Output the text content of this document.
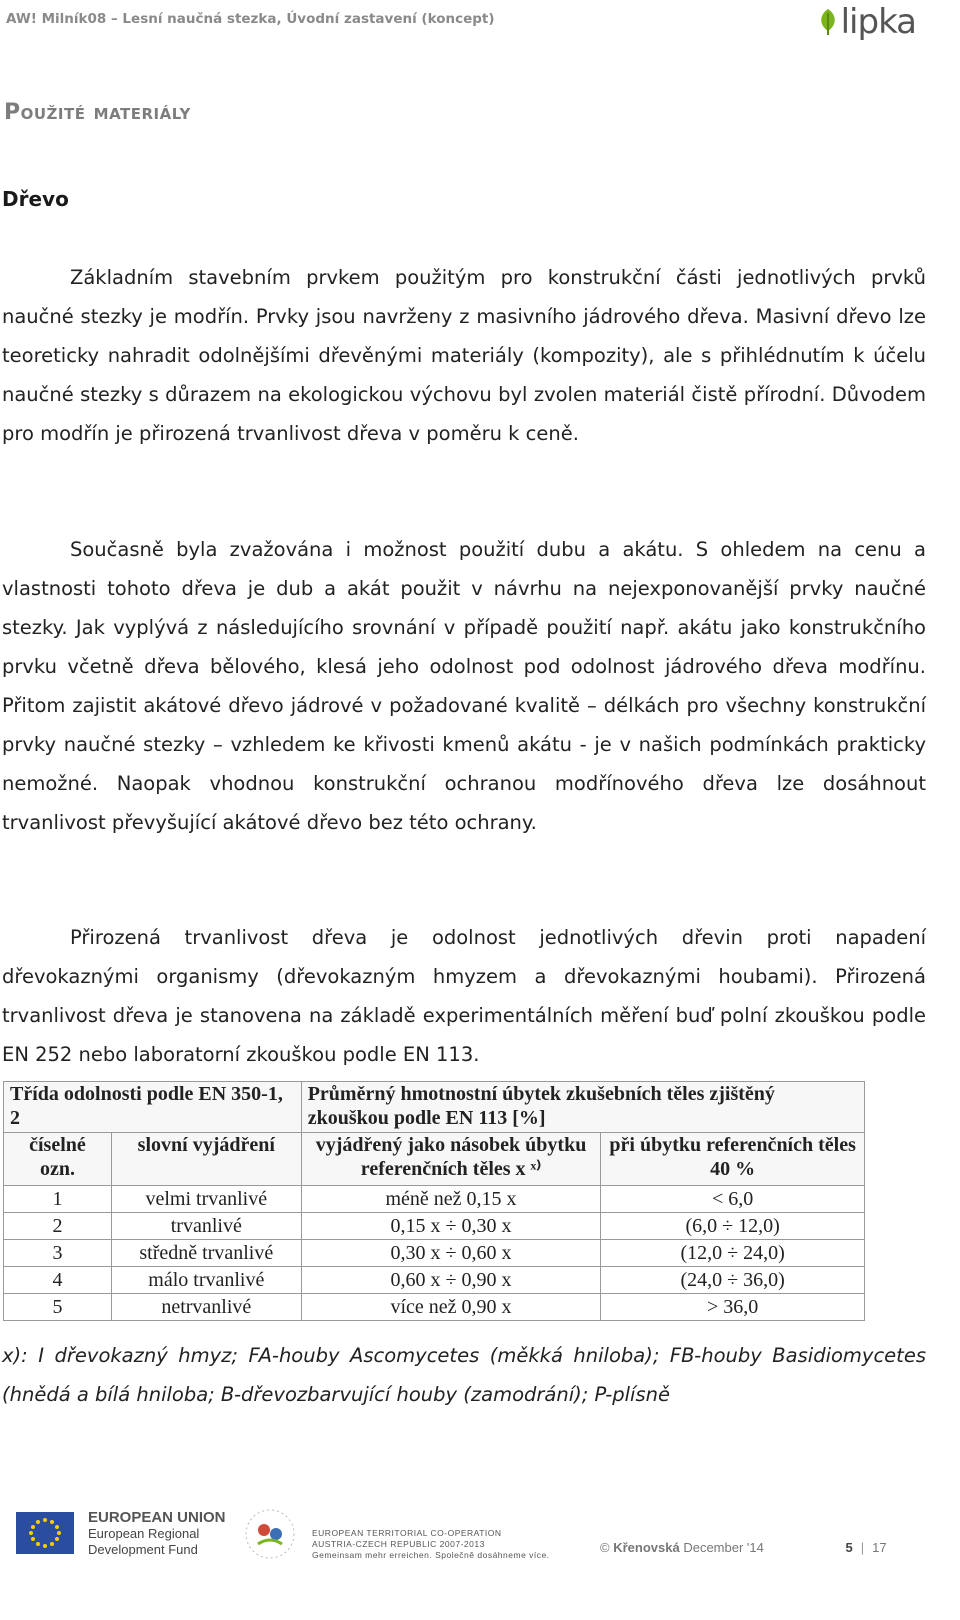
AW! Milník08 – Lesní naučná stezka, Úvodní zastavení (koncept)	lipka
Použité materiály
Dřevo

Základním stavebním prvkem použitým pro konstrukční části jednotlivých prvků naučné stezky je modřín. Prvky jsou navrženy z masivního jádrového dřeva. Masivní dřevo lze teoreticky nahradit odolnějšími dřevěnými materiály (kompozity), ale s přihlédnutím k účelu naučné stezky s důrazem na ekologickou výchovu byl zvolen materiál čistě přírodní. Důvodem pro modřín je přirozená trvanlivost dřeva v poměru k ceně.

Současně byla zvažována i možnost použití dubu a akátu. S ohledem na cenu a vlastnosti tohoto dřeva je dub a akát použit v návrhu na nejexponovanější prvky naučné stezky. Jak vyplývá z následujícího srovnání v případě použití např. akátu jako konstrukčního prvku včetně dřeva bělového, klesá jeho odolnost pod odolnost jádrového dřeva modřínu. Přitom zajistit akátové dřevo jádrové v požadované kvalitě – délkách pro všechny konstrukční prvky naučné stezky – vzhledem ke křivosti kmenů akátu - je v našich podmínkách prakticky nemožné. Naopak vhodnou konstrukční ochranou modřínového dřeva lze dosáhnout trvanlivost převyšující akátové dřevo bez této ochrany.

Přirozená trvanlivost dřeva je odolnost jednotlivých dřevin proti napadení dřevokaznými organismy (dřevokazným hmyzem a dřevokaznými houbami). Přirozená trvanlivost dřeva je stanovena na základě experimentálních měření buď polní zkouškou podle EN 252 nebo laboratorní zkouškou podle EN 113.

Třída odolnosti podle EN 350-1, 2		Průměrný hmotnostní úbytek zkušebních těles zjištěný zkouškou podle EN 113 [%]	
číselné ozn.	slovní vyjádření	vyjádřený jako násobek úbytku referenčních těles x ˣ⁾	při úbytku referenčních těles 40 %
1	velmi trvanlivé	méně než 0,15 x	< 6,0
2	trvanlivé	0,15 x ÷ 0,30 x	(6,0 ÷ 12,0)
3	středně trvanlivé	0,30 x ÷ 0,60 x	(12,0 ÷ 24,0)
4	málo trvanlivé	0,60 x ÷ 0,90 x	(24,0 ÷ 36,0)
5	netrvanlivé	více než 0,90 x	> 36,0

x): I dřevokazný hmyz; FA-houby Ascomycetes (měkká hniloba); FB-houby Basidiomycetes (hnědá a bílá hniloba; B-dřevozbarvující houby (zamodrání); P-plísně

EUROPEAN UNION
European Regional
Development Fund
EUROPEAN TERRITORIAL CO-OPERATION
AUSTRIA-CZECH REPUBLIC 2007-2013
Gemeinsam mehr erreichen. Společně dosáhneme více.	© Křenovská December '14	5 | 17
